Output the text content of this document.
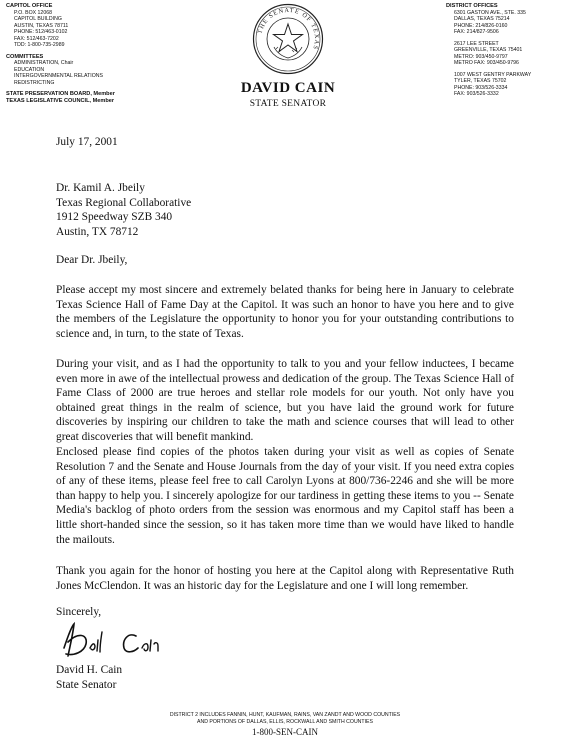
CAPITOL OFFICE
P.O. BOX 12068
CAPITOL BUILDING
AUSTIN, TEXAS 78711
PHONE: 512/463-0102
FAX: 512/463-7202
TDD: 1-800-735-2989
COMMITTEES
ADMINISTRATION, Chair
EDUCATION
INTERGOVERNMENTAL RELATIONS
REDISTRICTING
STATE PRESERVATION BOARD, Member
TEXAS LEGISLATIVE COUNCIL, Member
THE SENATE OF TEXAS
DAVID CAIN
STATE SENATOR
DISTRICT OFFICES
6301 GASTON AVE., STE. 335
DALLAS, TEXAS 75214
PHONE: 214/826-0160
FAX: 214/827-9506
2617 LEE STREET
GREENVILLE, TEXAS 75401
METRO: 903/450-9797
METRO FAX: 903/450-9796
1007 WEST GENTRY PARKWAY
TYLER, TEXAS 75702
PHONE: 903/526-3334
FAX: 903/526-3332
July 17, 2001
Dr. Kamil A. Jbeily
Texas Regional Collaborative
1912 Speedway SZB 340
Austin, TX 78712
Dear Dr. Jbeily,
Please accept my most sincere and extremely belated thanks for being here in January to celebrate Texas Science Hall of Fame Day at the Capitol. It was such an honor to have you here and to give the members of the Legislature the opportunity to honor you for your outstanding contributions to science and, in turn, to the state of Texas.
During your visit, and as I had the opportunity to talk to you and your fellow inductees, I became even more in awe of the intellectual prowess and dedication of the group. The Texas Science Hall of Fame Class of 2000 are true heroes and stellar role models for our youth. Not only have you obtained great things in the realm of science, but you have laid the ground work for future discoveries by inspiring our children to take the math and science courses that will lead to other great discoveries that will benefit mankind.
Enclosed please find copies of the photos taken during your visit as well as copies of Senate Resolution 7 and the Senate and House Journals from the day of your visit. If you need extra copies of any of these items, please feel free to call Carolyn Lyons at 800/736-2246 and she will be more than happy to help you. I sincerely apologize for our tardiness in getting these items to you -- Senate Media's backlog of photo orders from the session was enormous and my Capitol staff has been a little short-handed since the session, so it has taken more time than we would have liked to handle the mailouts.
Thank you again for the honor of hosting you here at the Capitol along with Representative Ruth Jones McClendon. It was an historic day for the Legislature and one I will long remember.
Sincerely,
David H. Cain
State Senator
DISTRICT 2 INCLUDES FANNIN, HUNT, KAUFMAN, RAINS, VAN ZANDT AND WOOD COUNTIES
AND PORTIONS OF DALLAS, ELLIS, ROCKWALL AND SMITH COUNTIES
1-800-SEN-CAIN
